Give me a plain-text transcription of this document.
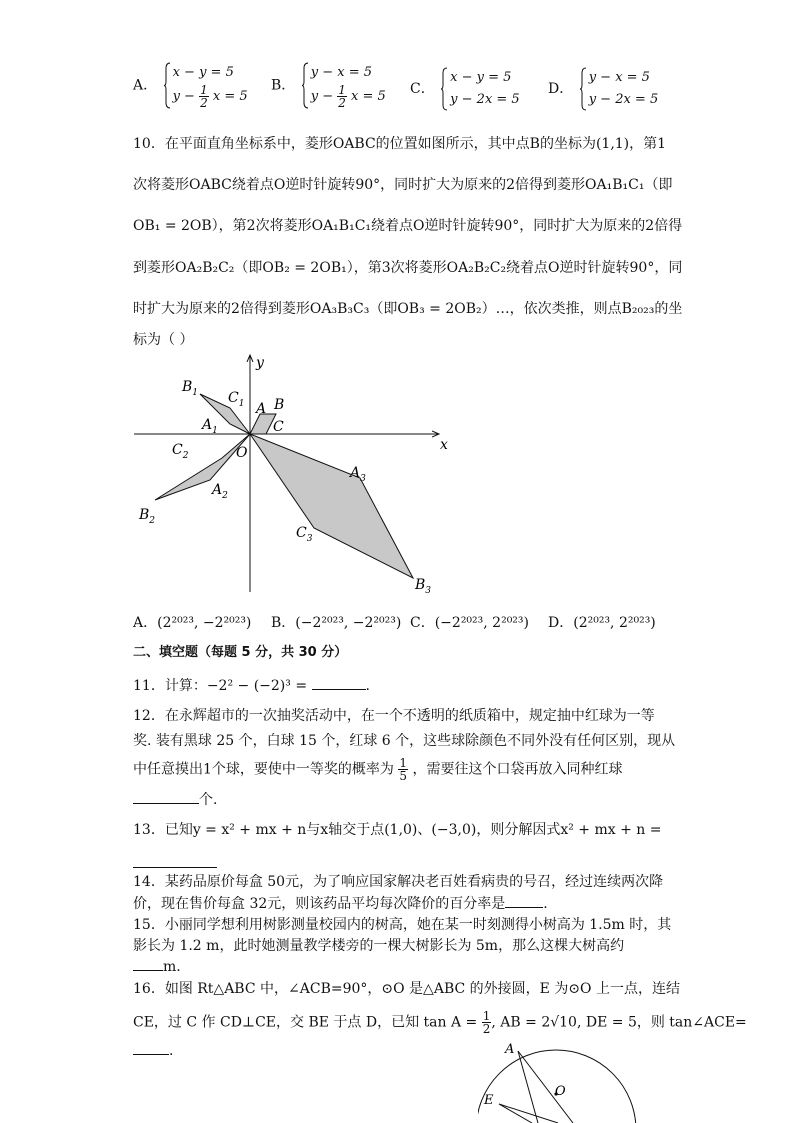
A．
x − y = 5
$y - \frac{1}{2}$ x = 5
B．
y − x = 5
$y - \frac{1}{2}$ x = 5 C．
x − y = 5
y − 2x = 5
D．
y − x = 5
y − 2x = 5
10．在平面直角坐标系中，菱形OABC的位置如图所示，其中点B的坐标为(1,1)，第1
次将菱形OABC绕着点O逆时针旋转90°，同时扩大为原来的2倍得到菱形OA₁B₁C₁（即
OB₁ = 2OB），第2次将菱形OA₁B₁C₁绕着点O逆时针旋转90°，同时扩大为原来的2倍得
到菱形OA₂B₂C₂（即OB₂ = 2OB₁），第3次将菱形OA₂B₂C₂绕着点O逆时针旋转90°，同
时扩大为原来的2倍得到菱形OA₃B₃C₃（即OB₃ = 2OB₂）…，依次类推，则点B₂₀₂₃的坐
标为（ ）
x
y
O
A B
C
$B_1$ $C_1$
$A_1$
$C_2$
$A_2$
$B_2$
$A_3$
$C_3$
$B_3$
A．(2²⁰²³, −2²⁰²³) B．(−2²⁰²³, −2²⁰²³) C．(−2²⁰²³, 2²⁰²³) D．(2²⁰²³, 2²⁰²³)
二、填空题（每题 5 分，共 30 分）
11．计算：−2² − (−2)³ =	.
12．在永辉超市的一次抽奖活动中，在一个不透明的纸质箱中，规定抽中红球为一等
奖. 装有黑球 25 个，白球 15 个，红球 6 个，这些球除颜色不同外没有任何区别，现从
中任意摸出1个球，要使中一等奖的概率为 $\frac{1}{5}$ ，需要往这个口袋再放入同种红球
个.
13．已知y = x² + mx + n与x轴交于点(1,0)、(−3,0)，则分解因式x² + mx + n =
14．某药品原价每盒 50元，为了响应国家解决老百姓看病贵的号召，经过连续两次降
价，现在售价每盒 32元，则该药品平均每次降价的百分率是	.
15．小丽同学想利用树影测量校园内的树高，她在某一时刻测得小树高为 1.5m 时，其
影长为 1.2 m，此时她测量教学楼旁的一棵大树影长为 5m，那么这棵大树高约
m.
16．如图 Rt△ABC 中，∠ACB=90°，⊙O 是△ABC 的外接圆，E 为⊙O 上一点，连结
CE，过 C 作 CD⊥CE，交 BE 于点 D，已知 $\tan A = \frac{1}{2}$ , AB = 2√10, DE = 5，则 tan∠ACE=
.	A
E
O
